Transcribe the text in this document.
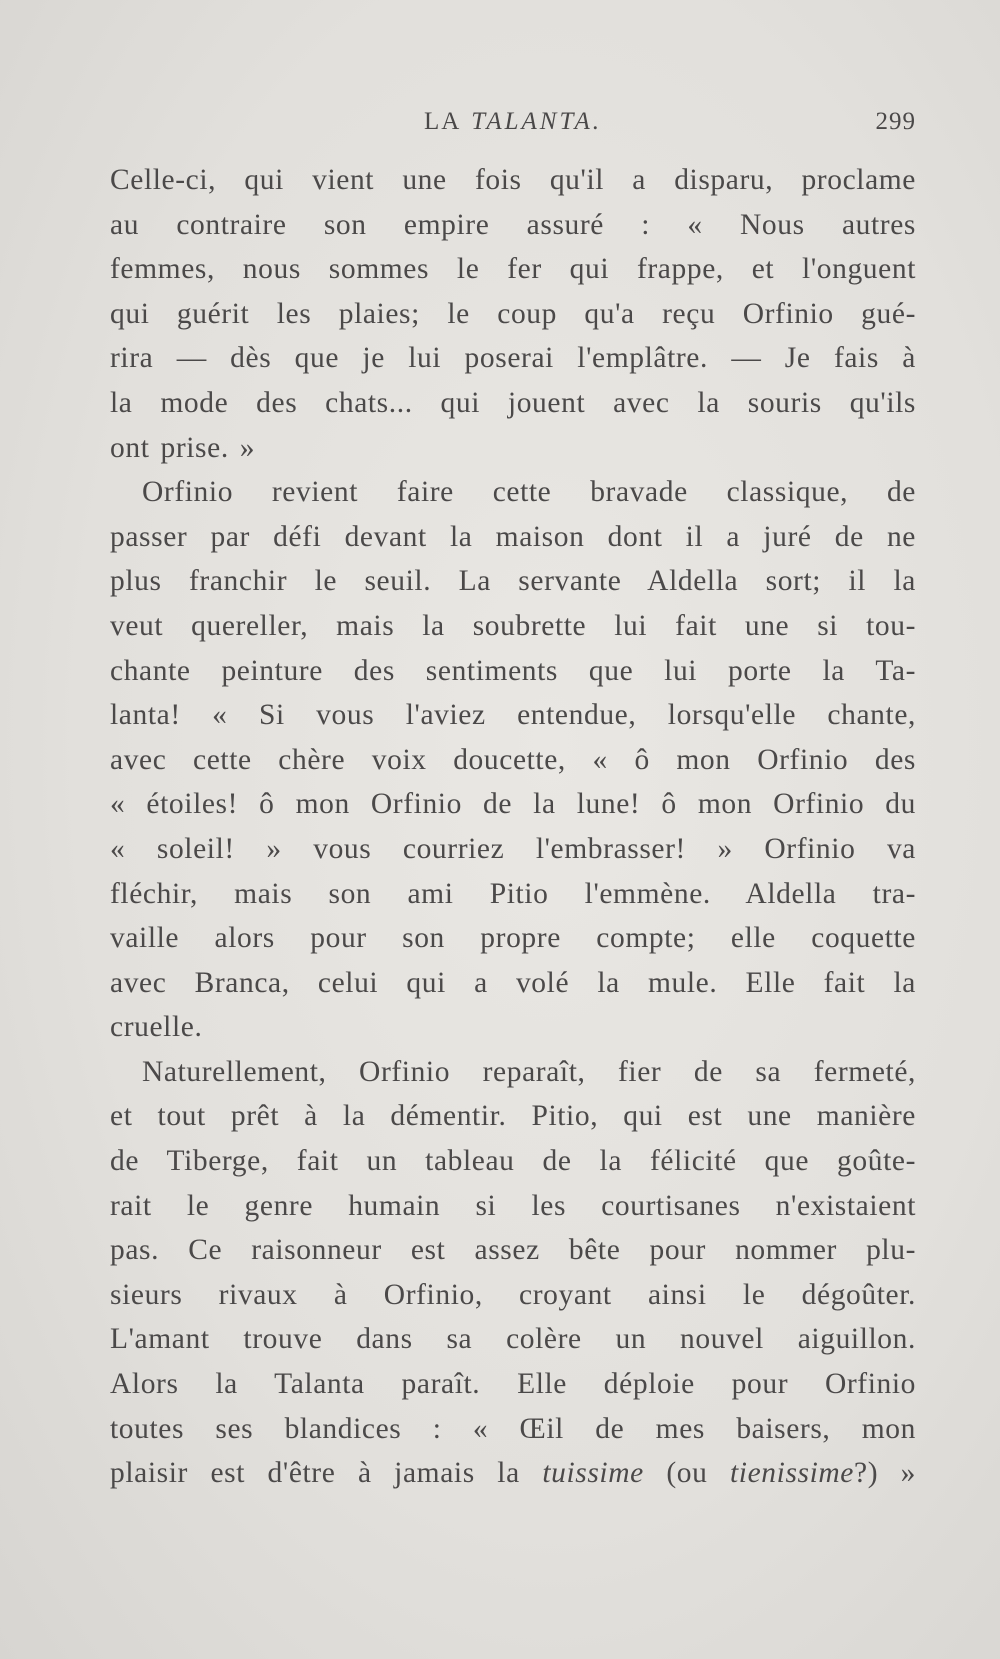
LA TALANTA.	299
Celle-ci, qui vient une fois qu'il a disparu, proclame
au contraire son empire assuré : « Nous autres
femmes, nous sommes le fer qui frappe, et l'onguent
qui guérit les plaies; le coup qu'a reçu Orfinio gué-
rira — dès que je lui poserai l'emplâtre. — Je fais à
la mode des chats... qui jouent avec la souris qu'ils
ont prise. »
Orfinio revient faire cette bravade classique, de
passer par défi devant la maison dont il a juré de ne
plus franchir le seuil. La servante Aldella sort; il la
veut quereller, mais la soubrette lui fait une si tou-
chante peinture des sentiments que lui porte la Ta-
lanta! « Si vous l'aviez entendue, lorsqu'elle chante,
avec cette chère voix doucette, « ô mon Orfinio des
« étoiles! ô mon Orfinio de la lune! ô mon Orfinio du
« soleil! » vous courriez l'embrasser! » Orfinio va
fléchir, mais son ami Pitio l'emmène. Aldella tra-
vaille alors pour son propre compte; elle coquette
avec Branca, celui qui a volé la mule. Elle fait la
cruelle.
Naturellement, Orfinio reparaît, fier de sa fermeté,
et tout prêt à la démentir. Pitio, qui est une manière
de Tiberge, fait un tableau de la félicité que goûte-
rait le genre humain si les courtisanes n'existaient
pas. Ce raisonneur est assez bête pour nommer plu-
sieurs rivaux à Orfinio, croyant ainsi le dégoûter.
L'amant trouve dans sa colère un nouvel aiguillon.
Alors la Talanta paraît. Elle déploie pour Orfinio
toutes ses blandices : « Œil de mes baisers, mon
plaisir est d'être à jamais la tuissime (ou tienissime?) »
